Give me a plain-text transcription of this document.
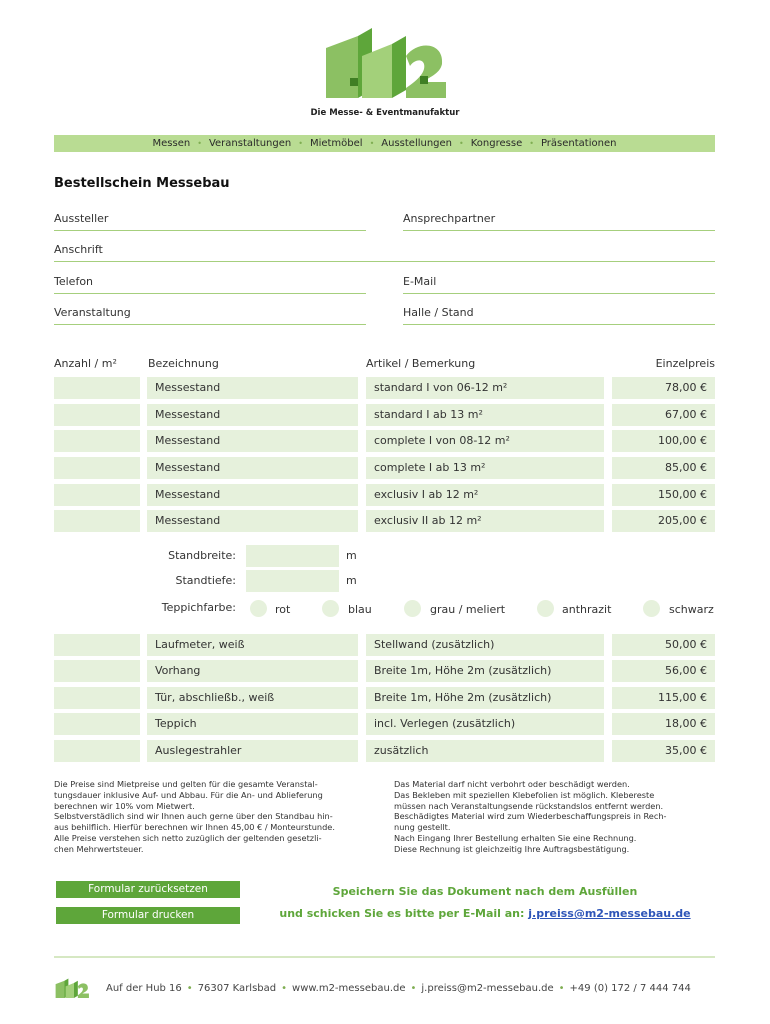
Die Messe- & Eventmanufaktur
Messen • Veranstaltungen • Mietmöbel • Ausstellungen • Kongresse • Präsentationen
Bestellschein Messebau
Aussteller	Ansprechpartner
Anschrift
Telefon	E-Mail
Veranstaltung	Halle / Stand
Anzahl / m²	Bezeichnung	Artikel / Bemerkung	Einzelpreis
Messestand	standard I von 06-12 m²	78,00 €
Messestand	standard I ab 13 m²	67,00 €
Messestand	complete I von 08-12 m²	100,00 €
Messestand	complete I ab 13 m²	85,00 €
Messestand	exclusiv I ab 12 m²	150,00 €
Messestand	exclusiv II ab 12 m²	205,00 €
Standbreite:	m
Standtiefe:	m
Teppichfarbe:	rot	blau	grau / meliert	anthrazit	schwarz
Laufmeter, weiß	Stellwand (zusätzlich)	50,00 €
Vorhang	Breite 1m, Höhe 2m (zusätzlich)	56,00 €
Tür, abschließb., weiß	Breite 1m, Höhe 2m (zusätzlich)	115,00 €
Teppich	incl. Verlegen (zusätzlich)	18,00 €
Auslegestrahler	zusätzlich	35,00 €
Die Preise sind Mietpreise und gelten für die gesamte Veranstal-
tungsdauer inklusive Auf- und Abbau. Für die An- und Ablieferung
berechnen wir 10% vom Mietwert.
Selbstverstädlich sind wir Ihnen auch gerne über den Standbau hin-
aus behilflich. Hierfür berechnen wir Ihnen 45,00 € / Monteurstunde.
Alle Preise verstehen sich netto zuzüglich der geltenden gesetzli-
chen Mehrwertsteuer.
Das Material darf nicht verbohrt oder beschädigt werden.
Das Bekleben mit speziellen Klebefolien ist möglich. Klebereste
müssen nach Veranstaltungsende rückstandslos entfernt werden.
Beschädigtes Material wird zum Wiederbeschaffungspreis in Rech-
nung gestellt.
Nach Eingang Ihrer Bestellung erhalten Sie eine Rechnung.
Diese Rechnung ist gleichzeitig Ihre Auftragsbestätigung.
Formular zurücksetzen
Formular drucken
Speichern Sie das Dokument nach dem Ausfüllen
und schicken Sie es bitte per E-Mail an: j.preiss@m2-messebau.de
Auf der Hub 16 • 76307 Karlsbad • www.m2-messebau.de • j.preiss@m2-messebau.de • +49 (0) 172 / 7 444 744
